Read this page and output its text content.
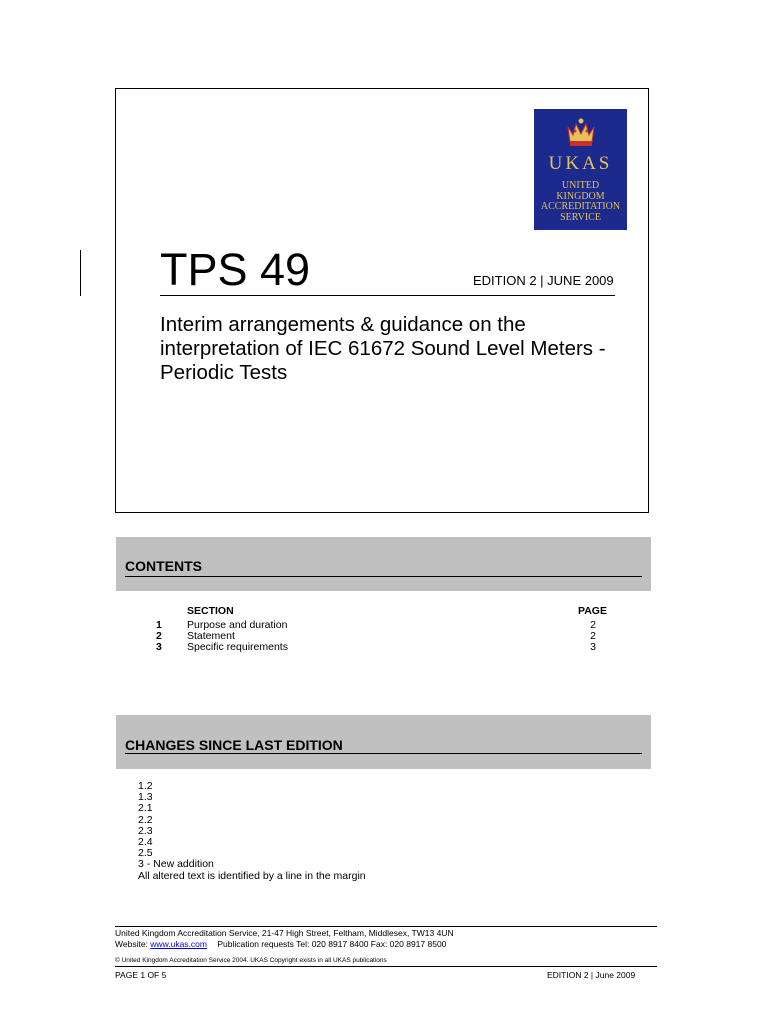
UKAS
UNITED
KINGDOM
ACCREDITATION
SERVICE
TPS 49	EDITION 2 | JUNE 2009
Interim arrangements & guidance on the interpretation of IEC 61672 Sound Level Meters - Periodic Tests
CONTENTS
SECTION	PAGE
1 Purpose and duration	2
2 Statement	2
3 Specific requirements	3
CHANGES SINCE LAST EDITION
1.2
1.3
2.1
2.2
2.3
2.4
2.5
3 - New addition
All altered text is identified by a line in the margin
United Kingdom Accreditation Service, 21-47 High Street, Feltham, Middlesex, TW13 4UN
Website: www.ukas.com Publication requests Tel: 020 8917 8400 Fax: 020 8917 8500
© United Kingdom Accreditation Service 2004. UKAS Copyright exists in all UKAS publications
PAGE 1 OF 5	EDITION 2 | June 2009
